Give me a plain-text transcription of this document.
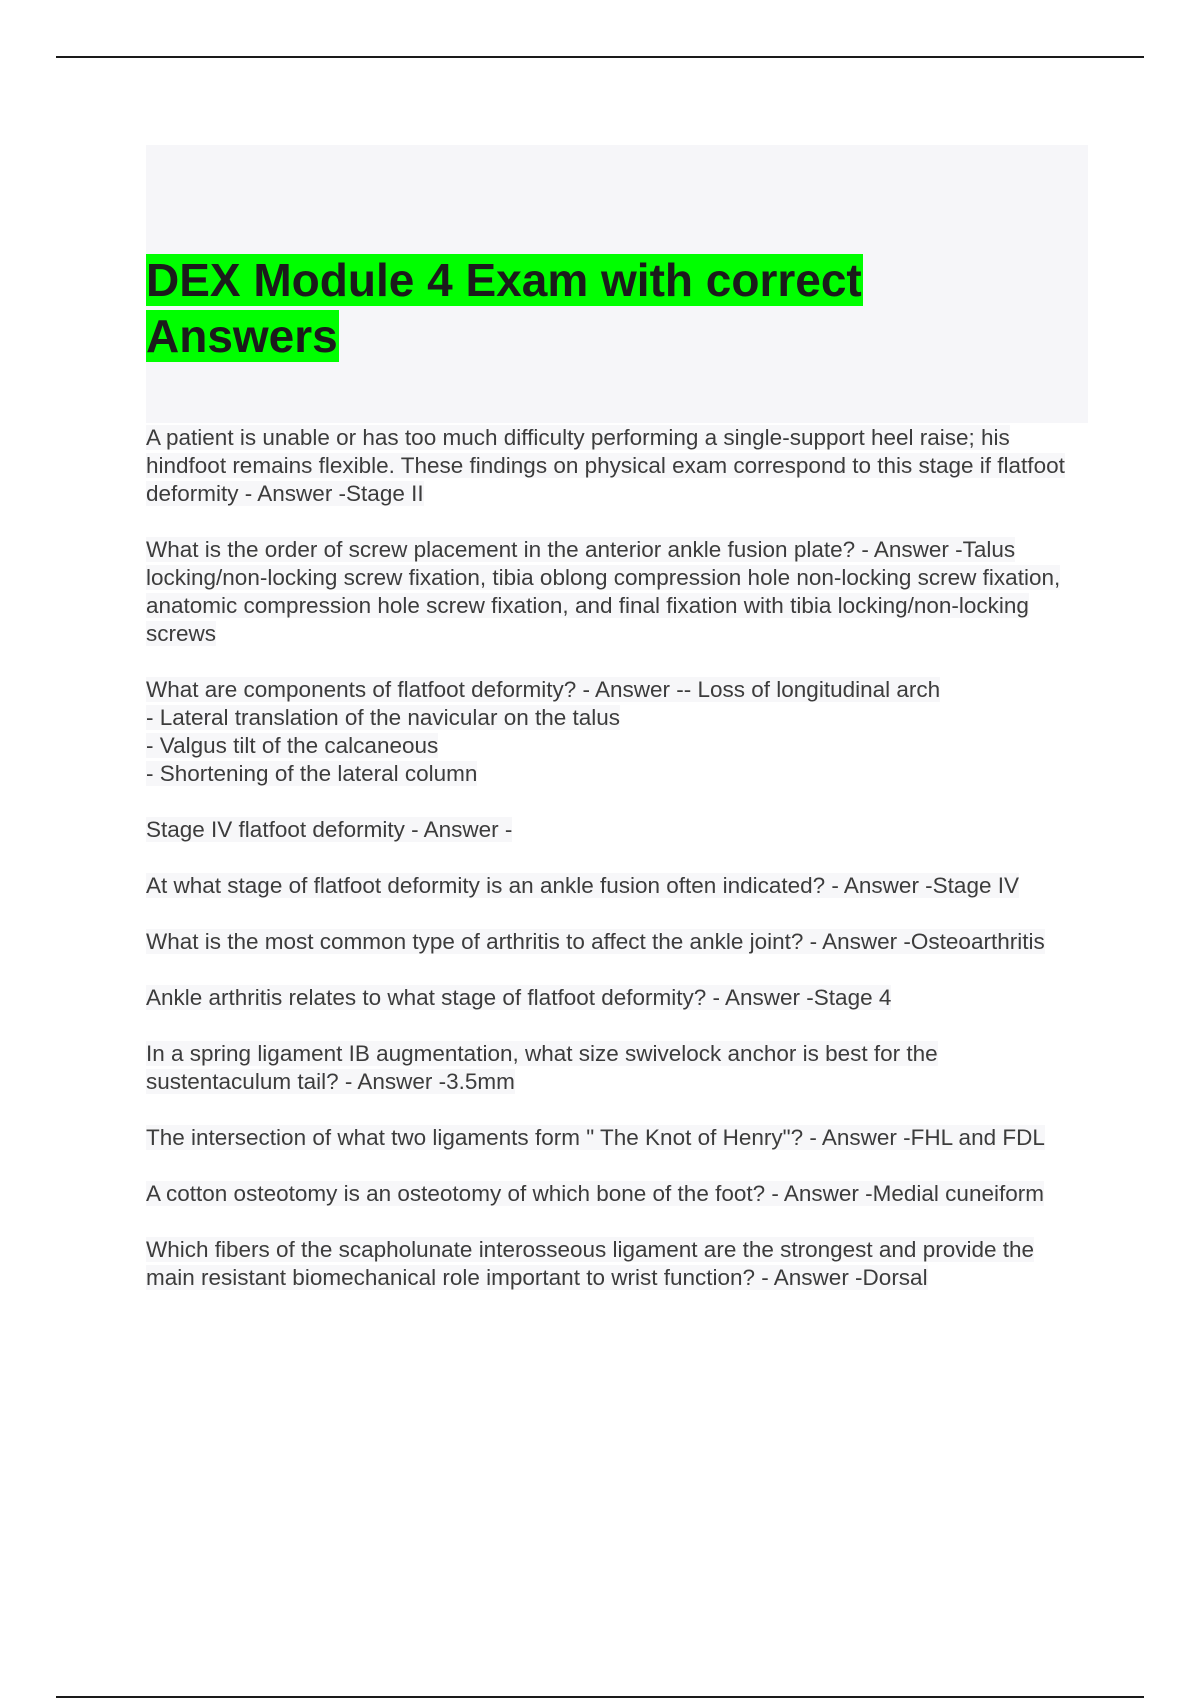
DEX Module 4 Exam with correct Answers
A patient is unable or has too much difficulty performing a single-support heel raise; his hindfoot remains flexible. These findings on physical exam correspond to this stage if flatfoot deformity - Answer -Stage II
What is the order of screw placement in the anterior ankle fusion plate? - Answer -Talus locking/non-locking screw fixation, tibia oblong compression hole non-locking screw fixation, anatomic compression hole screw fixation, and final fixation with tibia locking/non-locking screws
What are components of flatfoot deformity? - Answer -- Loss of longitudinal arch
- Lateral translation of the navicular on the talus
- Valgus tilt of the calcaneous
- Shortening of the lateral column
Stage IV flatfoot deformity - Answer -
At what stage of flatfoot deformity is an ankle fusion often indicated? - Answer -Stage IV
What is the most common type of arthritis to affect the ankle joint? - Answer -Osteoarthritis
Ankle arthritis relates to what stage of flatfoot deformity? - Answer -Stage 4
In a spring ligament IB augmentation, what size swivelock anchor is best for the sustentaculum tail? - Answer -3.5mm
The intersection of what two ligaments form " The Knot of Henry"? - Answer -FHL and FDL
A cotton osteotomy is an osteotomy of which bone of the foot? - Answer -Medial cuneiform
Which fibers of the scapholunate interosseous ligament are the strongest and provide the main resistant biomechanical role important to wrist function? - Answer -Dorsal
